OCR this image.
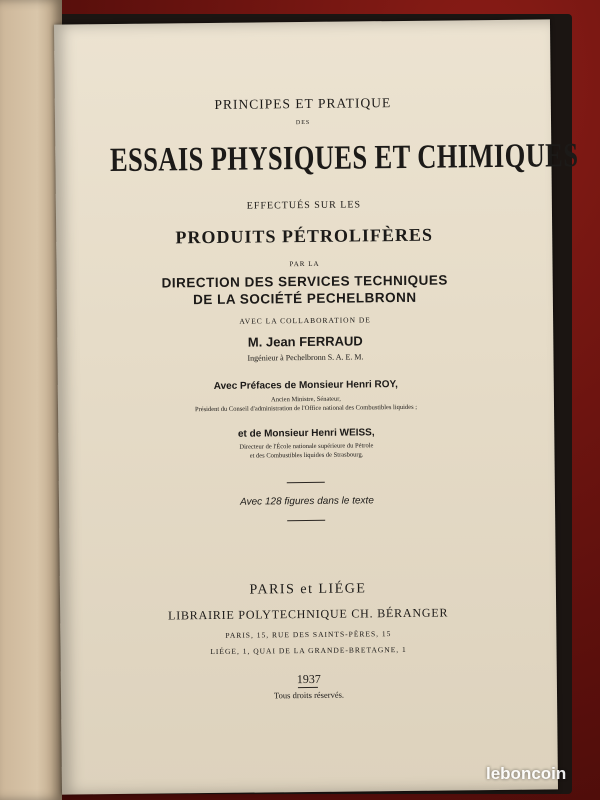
PRINCIPES ET PRATIQUE
DES
ESSAIS PHYSIQUES ET CHIMIQUES
EFFECTUÉS SUR LES
PRODUITS PÉTROLIFÈRES
PAR LA
DIRECTION DES SERVICES TECHNIQUES
DE LA SOCIÉTÉ PECHELBRONN
AVEC LA COLLABORATION DE
M. Jean FERRAUD
Ingénieur à Pechelbronn S. A. E. M.
Avec Préfaces de Monsieur Henri ROY,
Ancien Ministre, Sénateur,
Président du Conseil d'administration de l'Office national des Combustibles liquides ;
et de Monsieur Henri WEISS,
Directeur de l'École nationale supérieure du Pétrole
et des Combustibles liquides de Strasbourg.
Avec 128 figures dans le texte
PARIS et LIÉGE
LIBRAIRIE POLYTECHNIQUE CH. BÉRANGER
PARIS, 15, RUE DES SAINTS-PÈRES, 15
LIÉGE, 1, QUAI DE LA GRANDE-BRETAGNE, 1
1937
Tous droits réservés.
leboncoin
